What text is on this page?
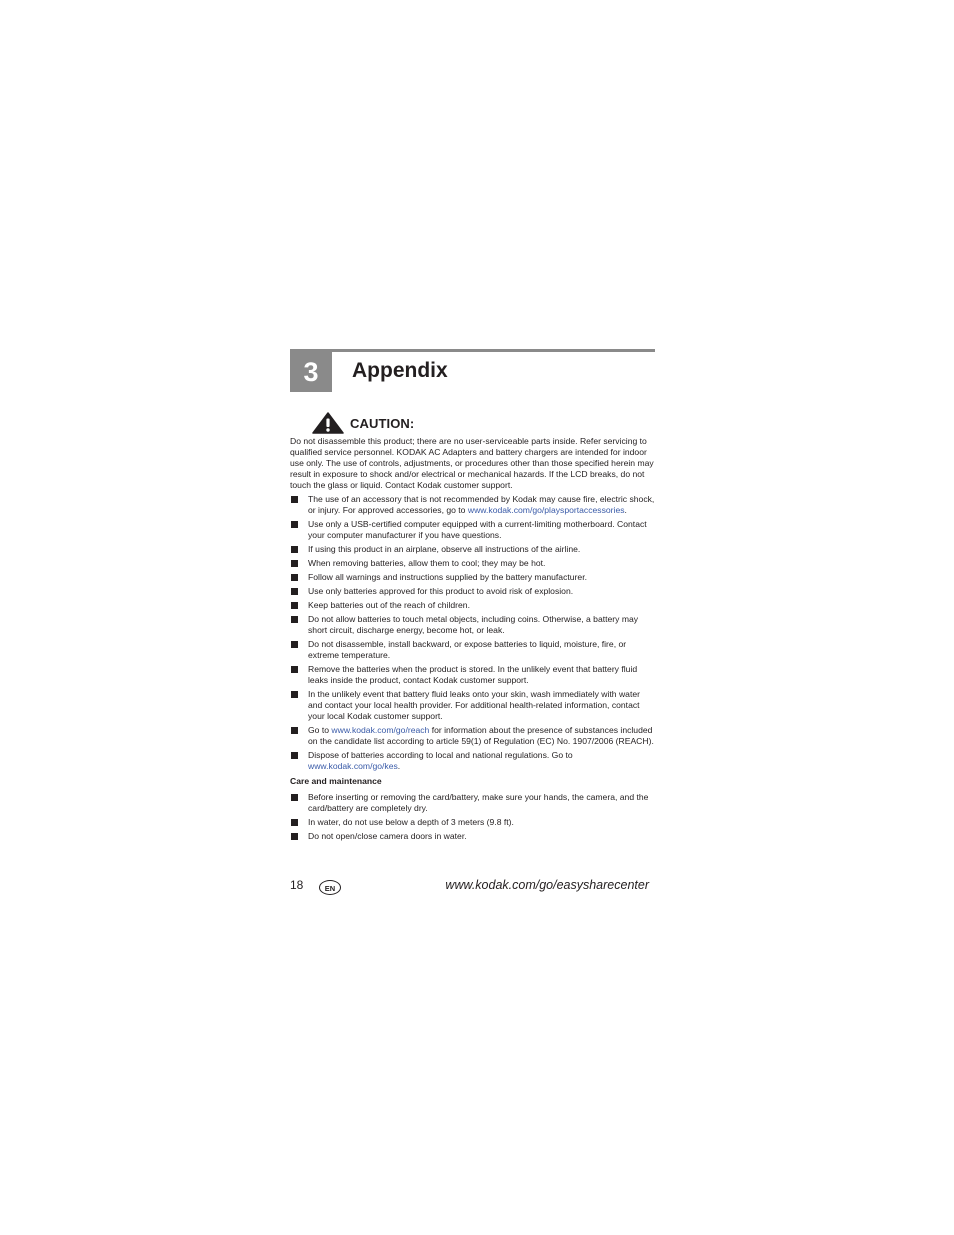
3	Appendix
CAUTION:

Do not disassemble this product; there are no user-serviceable parts inside. Refer servicing to qualified service personnel. KODAK AC Adapters and battery chargers are intended for indoor use only. The use of controls, adjustments, or procedures other than those specified herein may result in exposure to shock and/or electrical or mechanical hazards. If the LCD breaks, do not touch the glass or liquid. Contact Kodak customer support.

The use of an accessory that is not recommended by Kodak may cause fire, electric shock, or injury. For approved accessories, go to www.kodak.com/go/playsportaccessories.
Use only a USB-certified computer equipped with a current-limiting motherboard. Contact your computer manufacturer if you have questions.
If using this product in an airplane, observe all instructions of the airline.
When removing batteries, allow them to cool; they may be hot.
Follow all warnings and instructions supplied by the battery manufacturer.
Use only batteries approved for this product to avoid risk of explosion.
Keep batteries out of the reach of children.
Do not allow batteries to touch metal objects, including coins. Otherwise, a battery may short circuit, discharge energy, become hot, or leak.
Do not disassemble, install backward, or expose batteries to liquid, moisture, fire, or extreme temperature.
Remove the batteries when the product is stored. In the unlikely event that battery fluid leaks inside the product, contact Kodak customer support.
In the unlikely event that battery fluid leaks onto your skin, wash immediately with water and contact your local health provider. For additional health-related information, contact your local Kodak customer support.
Go to www.kodak.com/go/reach for information about the presence of substances included on the candidate list according to article 59(1) of Regulation (EC) No. 1907/2006 (REACH).
Dispose of batteries according to local and national regulations. Go to www.kodak.com/go/kes.
Care and maintenance
Before inserting or removing the card/battery, make sure your hands, the camera, and the card/battery are completely dry.
In water, do not use below a depth of 3 meters (9.8 ft).
Do not open/close camera doors in water.
18	EN	www.kodak.com/go/easysharecenter
